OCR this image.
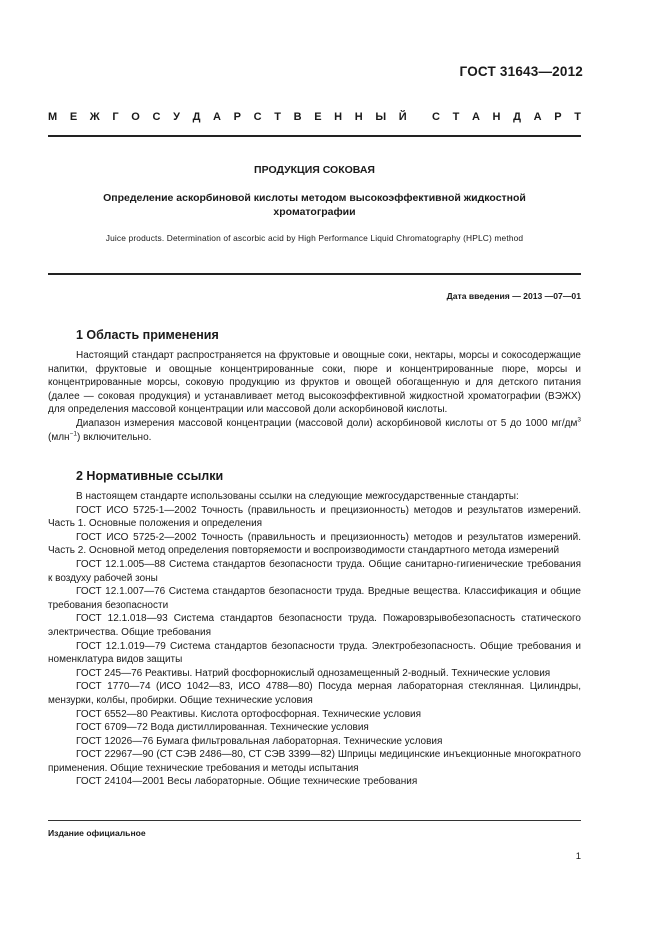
ГОСТ 31643—2012
М Е Ж Г О С У Д А Р С Т В Е Н Н Ы Й С Т А Н Д А Р Т
ПРОДУКЦИЯ СОКОВАЯ
Определение аскорбиновой кислоты методом высокоэффективной жидкостной хроматографии
Juice products. Determination of ascorbic acid by High Performance Liquid Chromatography (HPLC) method
Дата введения — 2013 —07—01
1 Область применения

Настоящий стандарт распространяется на фруктовые и овощные соки, нектары, морсы и сокосодержащие напитки, фруктовые и овощные концентрированные соки, пюре и концентрированные пюре, морсы и концентрированные морсы, соковую продукцию из фруктов и овощей обогащенную и для детского питания (далее — соковая продукция) и устанавливает метод высокоэффективной жидкостной хроматографии (ВЭЖХ) для определения массовой концентрации или массовой доли аскорбиновой кислоты.

Диапазон измерения массовой концентрации (массовой доли) аскорбиновой кислоты от 5 до 1000 $мг/дм^3$ (млн$^{-1}$) включительно.

2 Нормативные ссылки

В настоящем стандарте использованы ссылки на следующие межгосударственные стандарты:

ГОСТ ИСО 5725-1—2002 Точность (правильность и прецизионность) методов и результатов измерений. Часть 1. Основные положения и определения

ГОСТ ИСО 5725-2—2002 Точность (правильность и прецизионность) методов и результатов измерений. Часть 2. Основной метод определения повторяемости и воспроизводимости стандартного метода измерений

ГОСТ 12.1.005—88 Система стандартов безопасности труда. Общие санитарно-гигиенические требования к воздуху рабочей зоны

ГОСТ 12.1.007—76 Система стандартов безопасности труда. Вредные вещества. Классификация и общие требования безопасности

ГОСТ 12.1.018—93 Система стандартов безопасности труда. Пожаровзрывобезопасность статического электричества. Общие требования

ГОСТ 12.1.019—79 Система стандартов безопасности труда. Электробезопасность. Общие требования и номенклатура видов защиты

ГОСТ 245—76 Реактивы. Натрий фосфорнокислый однозамещенный 2-водный. Технические условия

ГОСТ 1770—74 (ИСО 1042—83, ИСО 4788—80) Посуда мерная лабораторная стеклянная. Цилиндры, мензурки, колбы, пробирки. Общие технические условия

ГОСТ 6552—80 Реактивы. Кислота ортофосфорная. Технические условия

ГОСТ 6709—72 Вода дистиллированная. Технические условия

ГОСТ 12026—76 Бумага фильтровальная лабораторная. Технические условия

ГОСТ 22967—90 (СТ СЭВ 2486—80, СТ СЭВ 3399—82) Шприцы медицинские инъекционные многократного применения. Общие технические требования и методы испытания

ГОСТ 24104—2001 Весы лабораторные. Общие технические требования

Издание официальное
1
